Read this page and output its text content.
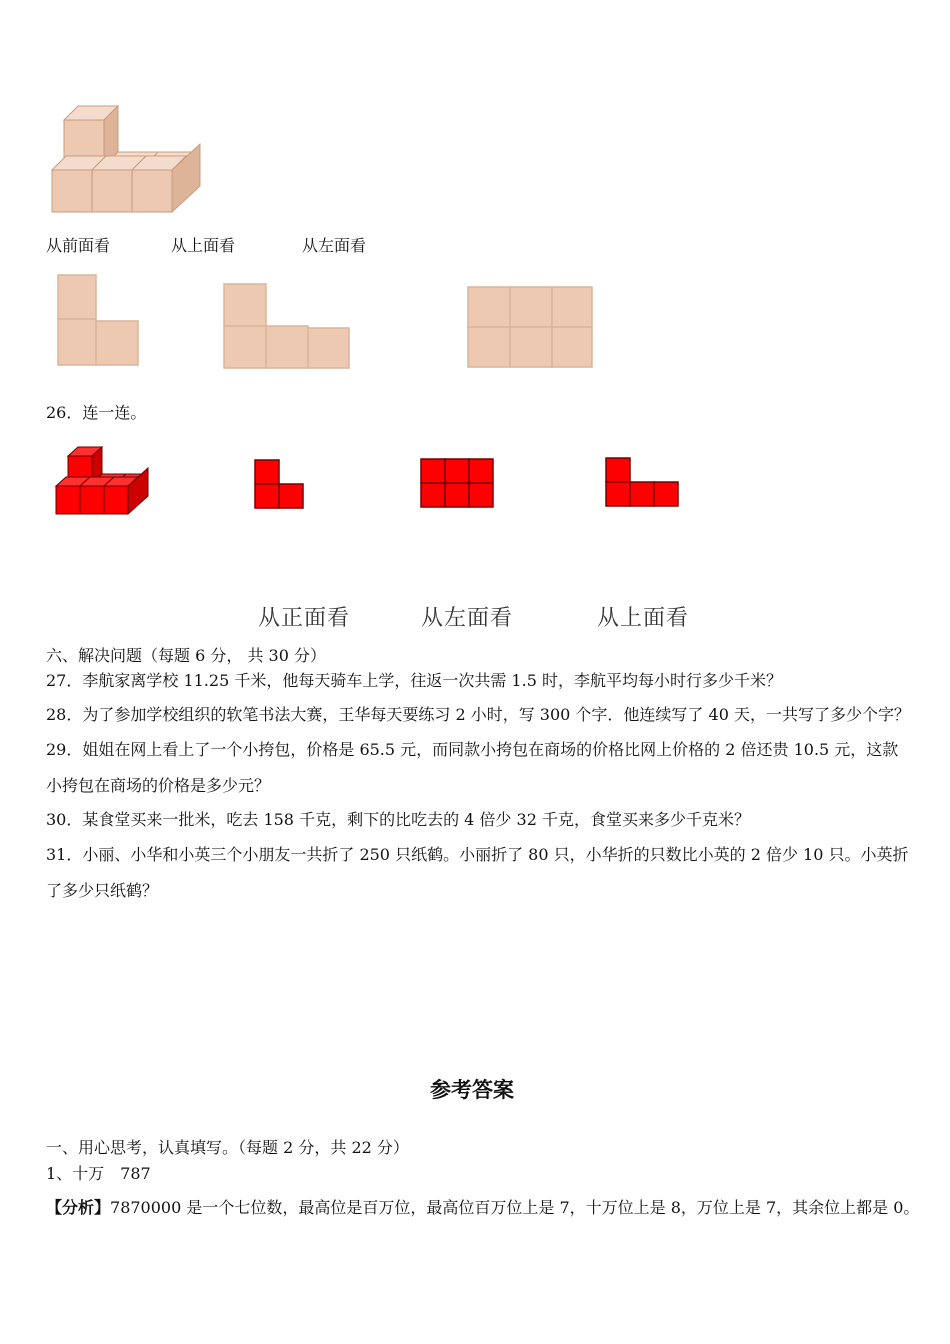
从前面看	从上面看	从左面看
26．连一连。
从正面看	从左面看	从上面看
六、解决问题（每题 6 分， 共 30 分）
27．李航家离学校 11.25 千米，他每天骑车上学，往返一次共需 1.5 时，李航平均每小时行多少千米？
28．为了参加学校组织的软笔书法大赛，王华每天要练习 2 小时，写 300 个字．他连续写了 40 天，一共写了多少个字？
29．姐姐在网上看上了一个小挎包，价格是 65.5 元，而同款小挎包在商场的价格比网上价格的 2 倍还贵 10.5 元，这款
小挎包在商场的价格是多少元？
30．某食堂买来一批米，吃去 158 千克，剩下的比吃去的 4 倍少 32 千克，食堂买来多少千克米？
31．小丽、小华和小英三个小朋友一共折了 250 只纸鹤。小丽折了 80 只，小华折的只数比小英的 2 倍少 10 只。小英折
了多少只纸鹤？
参考答案
一、用心思考，认真填写。（每题 2 分，共 22 分）
1、十万　787
【分析】7870000 是一个七位数，最高位是百万位，最高位百万位上是 7，十万位上是 8，万位上是 7，其余位上都是 0。
